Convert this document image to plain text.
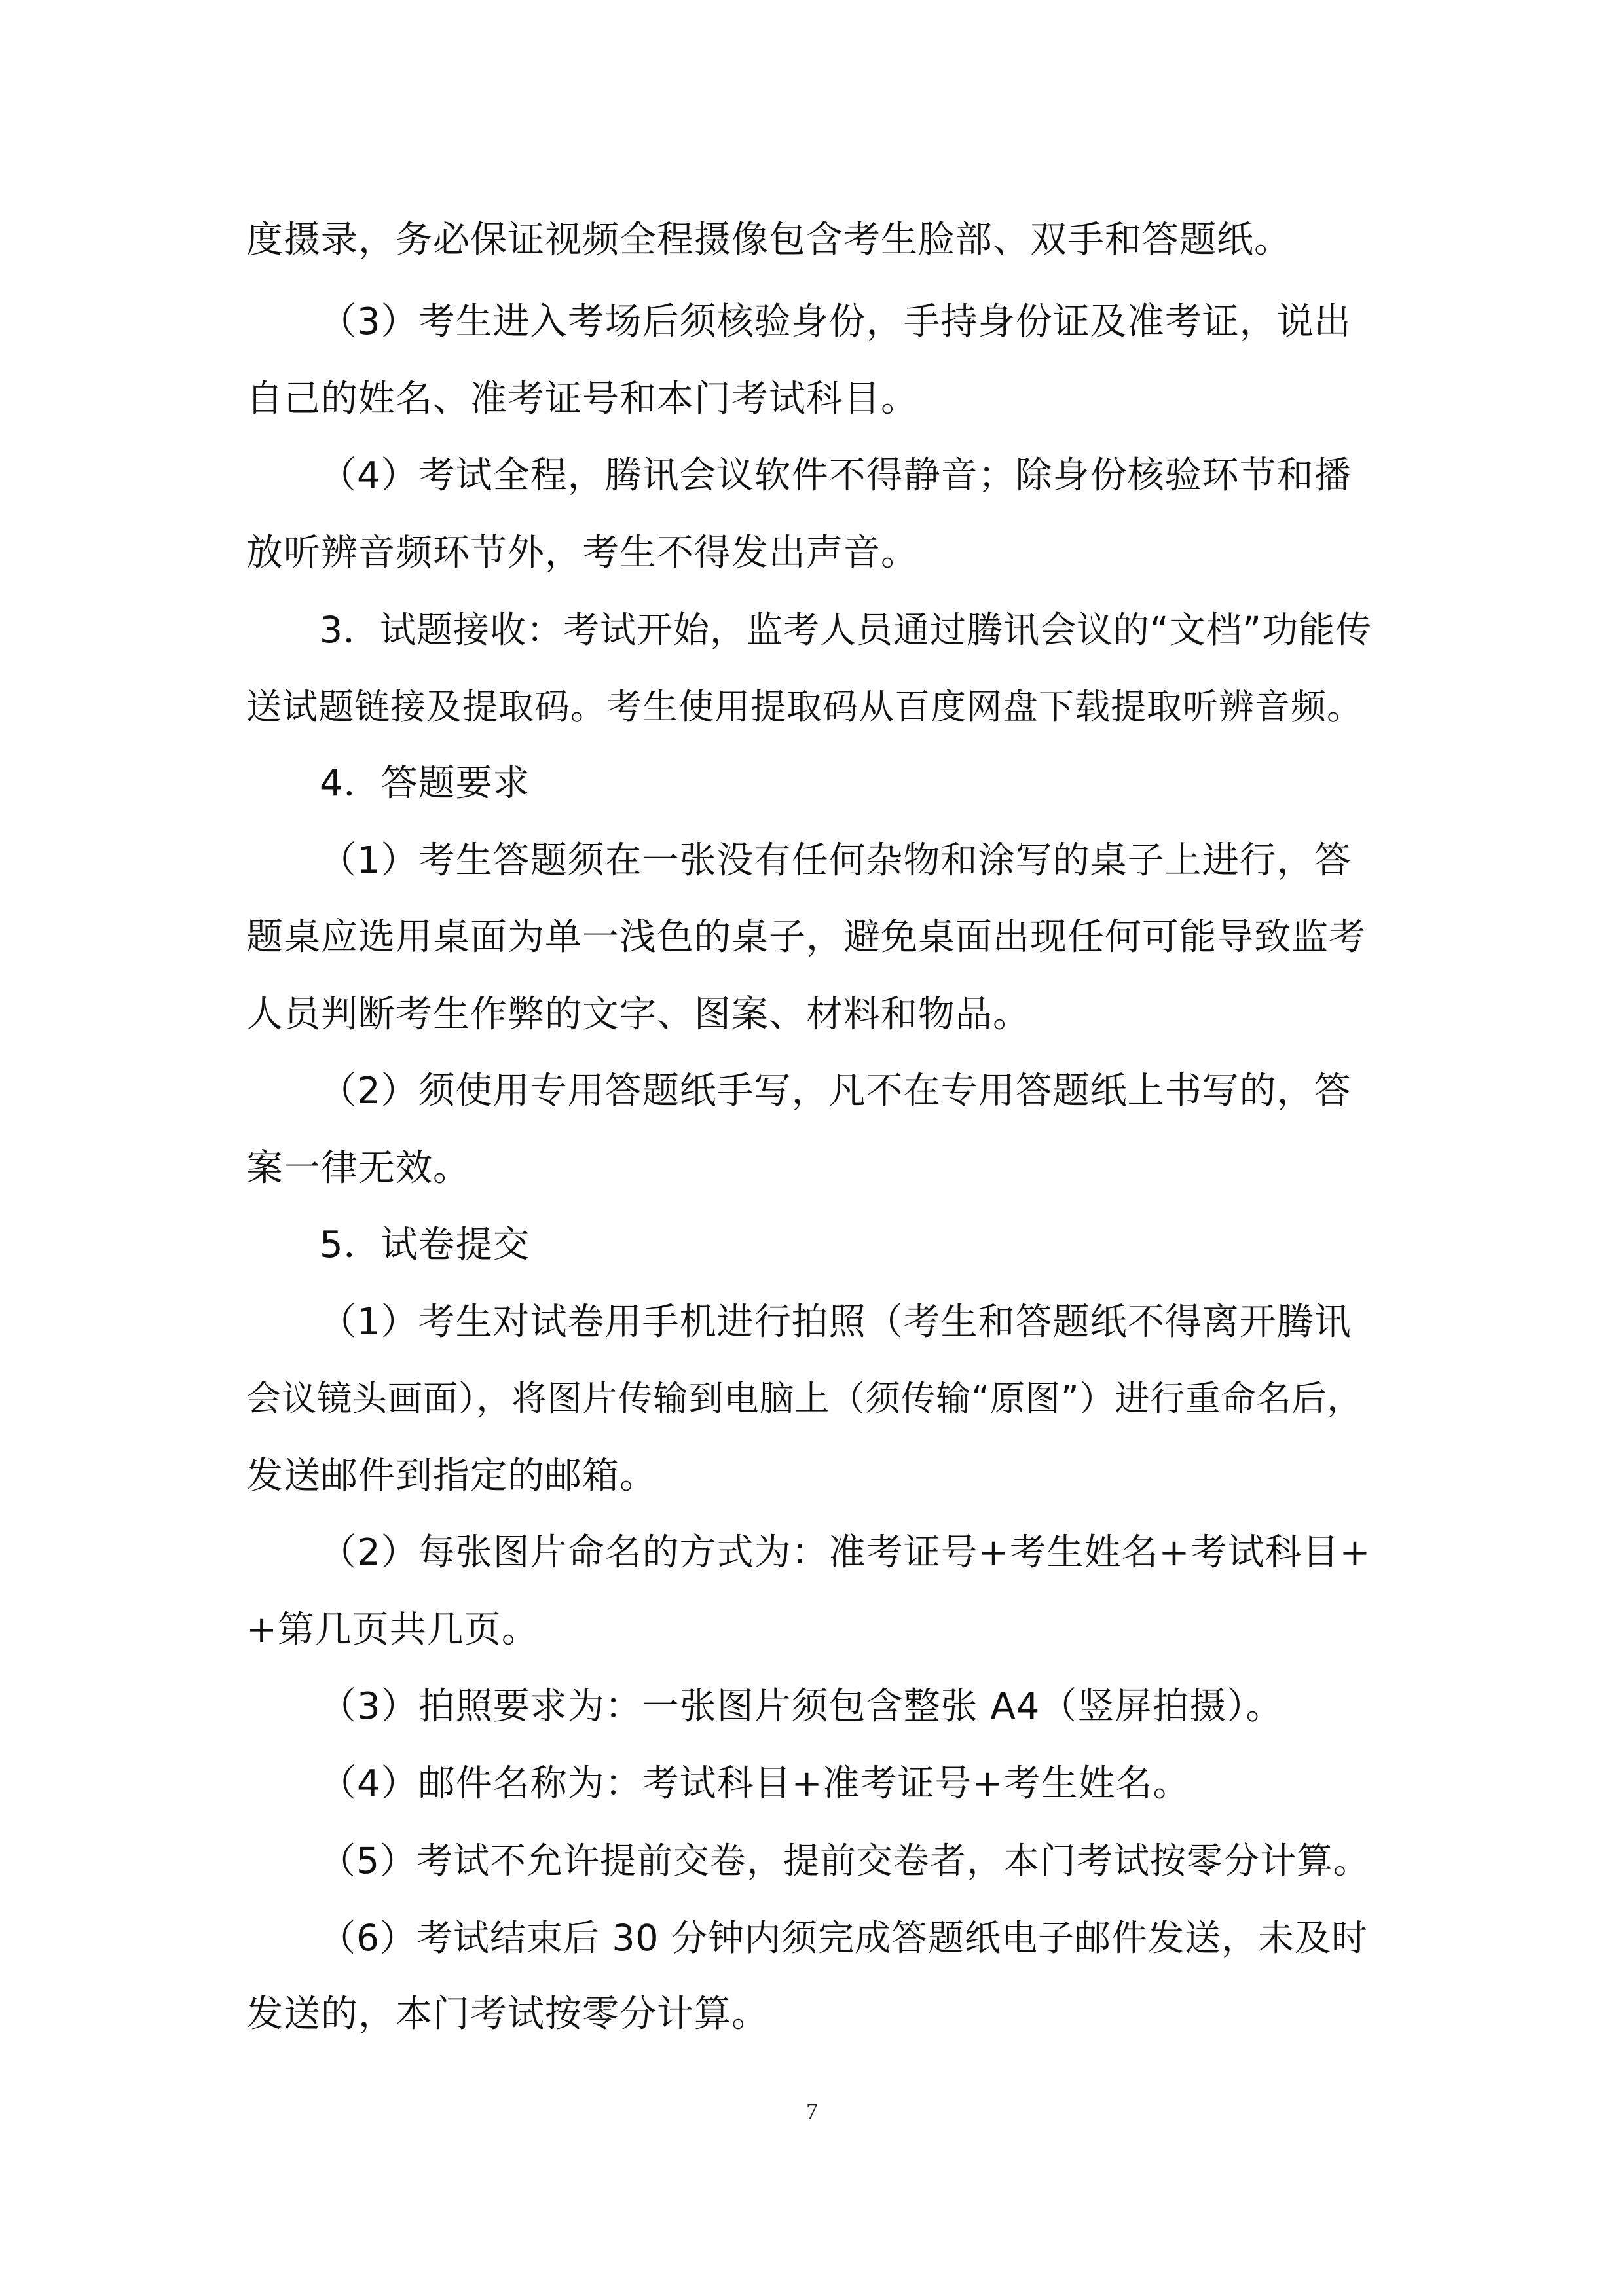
度摄录，务必保证视频全程摄像包含考生脸部、双手和答题纸。

（3）考生进入考场后须核验身份，手持身份证及准考证，说出

自己的姓名、准考证号和本门考试科目。

（4）考试全程，腾讯会议软件不得静音；除身份核验环节和播

放听辨音频环节外，考生不得发出声音。

3．试题接收：考试开始，监考人员通过腾讯会议的“文档”功能传

送试题链接及提取码。考生使用提取码从百度网盘下载提取听辨音频。

4．答题要求

（1）考生答题须在一张没有任何杂物和涂写的桌子上进行，答

题桌应选用桌面为单一浅色的桌子，避免桌面出现任何可能导致监考

人员判断考生作弊的文字、图案、材料和物品。

（2）须使用专用答题纸手写，凡不在专用答题纸上书写的，答

案一律无效。

5．试卷提交

（1）考生对试卷用手机进行拍照（考生和答题纸不得离开腾讯

会议镜头画面），将图片传输到电脑上（须传输“原图”）进行重命名后，

发送邮件到指定的邮箱。

（2）每张图片命名的方式为：准考证号+考生姓名+考试科目+

+第几页共几页。

（3）拍照要求为：一张图片须包含整张 A4（竖屏拍摄）。

（4）邮件名称为：考试科目+准考证号+考生姓名。

（5）考试不允许提前交卷，提前交卷者，本门考试按零分计算。

（6）考试结束后 30 分钟内须完成答题纸电子邮件发送，未及时

发送的，本门考试按零分计算。

7
